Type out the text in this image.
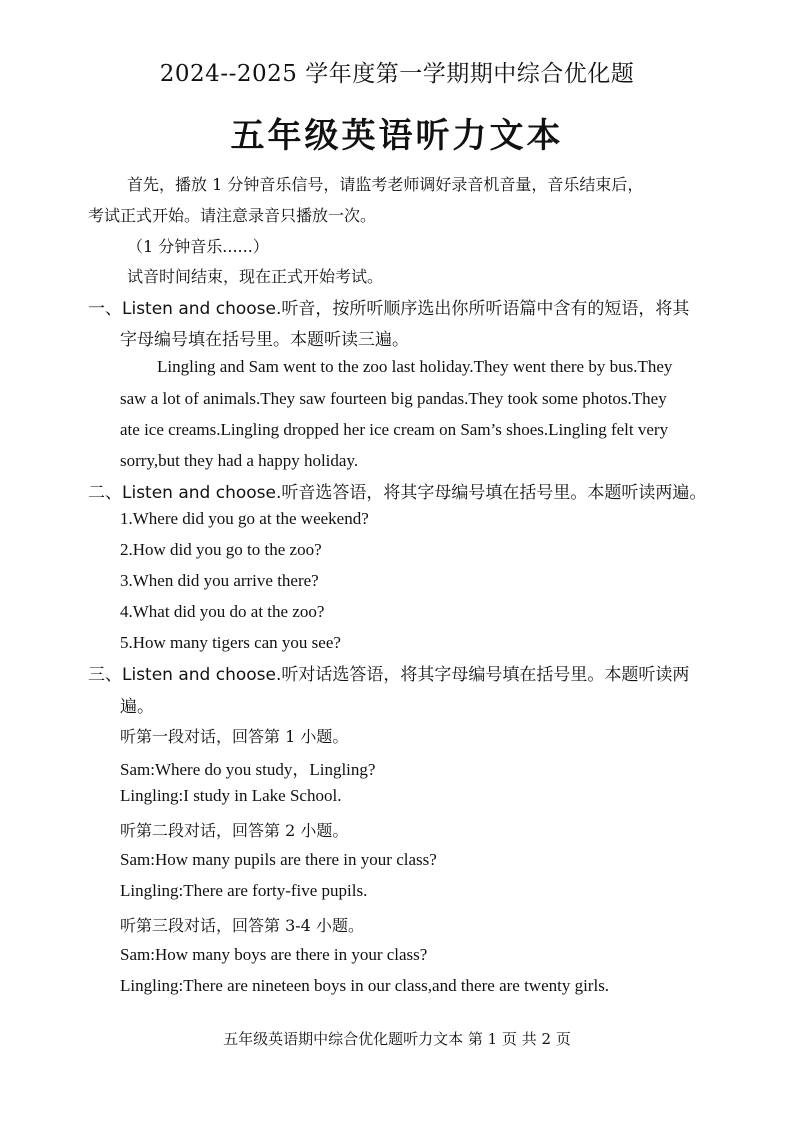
2024--2025 学年度第一学期期中综合优化题
五年级英语听力文本
首先，播放 1 分钟音乐信号，请监考老师调好录音机音量，音乐结束后，
考试正式开始。请注意录音只播放一次。
（1 分钟音乐......）
试音时间结束，现在正式开始考试。
一、Listen and choose.听音，按所听顺序选出你所听语篇中含有的短语，将其
字母编号填在括号里。本题听读三遍。
Lingling and Sam went to the zoo last holiday.They went there by bus.They
saw a lot of animals.They saw fourteen big pandas.They took some photos.They
ate ice creams.Lingling dropped her ice cream on Sam’s shoes.Lingling felt very
sorry,but they had a happy holiday.
二、Listen and choose.听音选答语，将其字母编号填在括号里。本题听读两遍。
1.Where did you go at the weekend?
2.How did you go to the zoo?
3.When did you arrive there?
4.What did you do at the zoo?
5.How many tigers can you see?
三、Listen and choose.听对话选答语，将其字母编号填在括号里。本题听读两
遍。
听第一段对话，回答第 1 小题。
Sam:Where do you study，Lingling?
Lingling:I study in Lake School.
听第二段对话，回答第 2 小题。
Sam:How many pupils are there in your class?
Lingling:There are forty-five pupils.
听第三段对话，回答第 3-4 小题。
Sam:How many boys are there in your class?
Lingling:There are nineteen boys in our class,and there are twenty girls.
五年级英语期中综合优化题听力文本 第 1 页 共 2 页
